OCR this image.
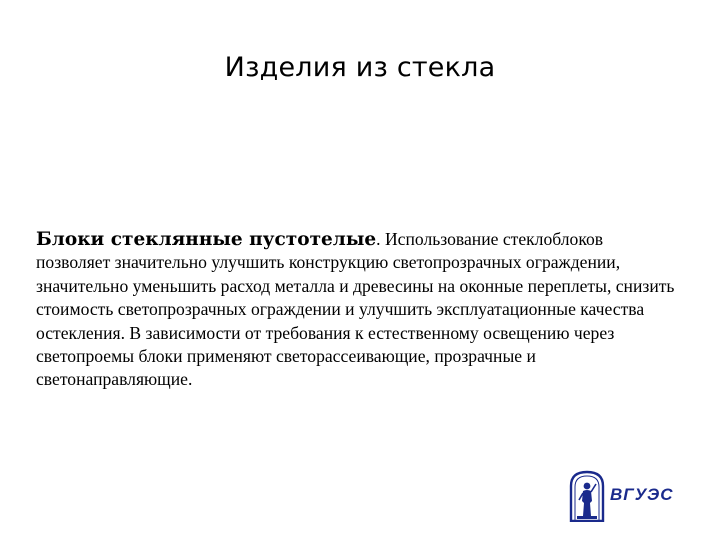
Изделия из стекла
Блоки стеклянные пустотелые. Использование стеклоблоков позволяет значительно улучшить конструкцию светопрозрачных ограждении, значительно уменьшить расход металла и древесины на оконные переплеты, снизить стоимость светопрозрачных ограждении и улучшить эксплуатационные качества остекления. В зависимости от требования к естественному освещению через светопроемы блоки применяют светорассеивающие, прозрачные и светонаправляющие.
ВГУЭС
